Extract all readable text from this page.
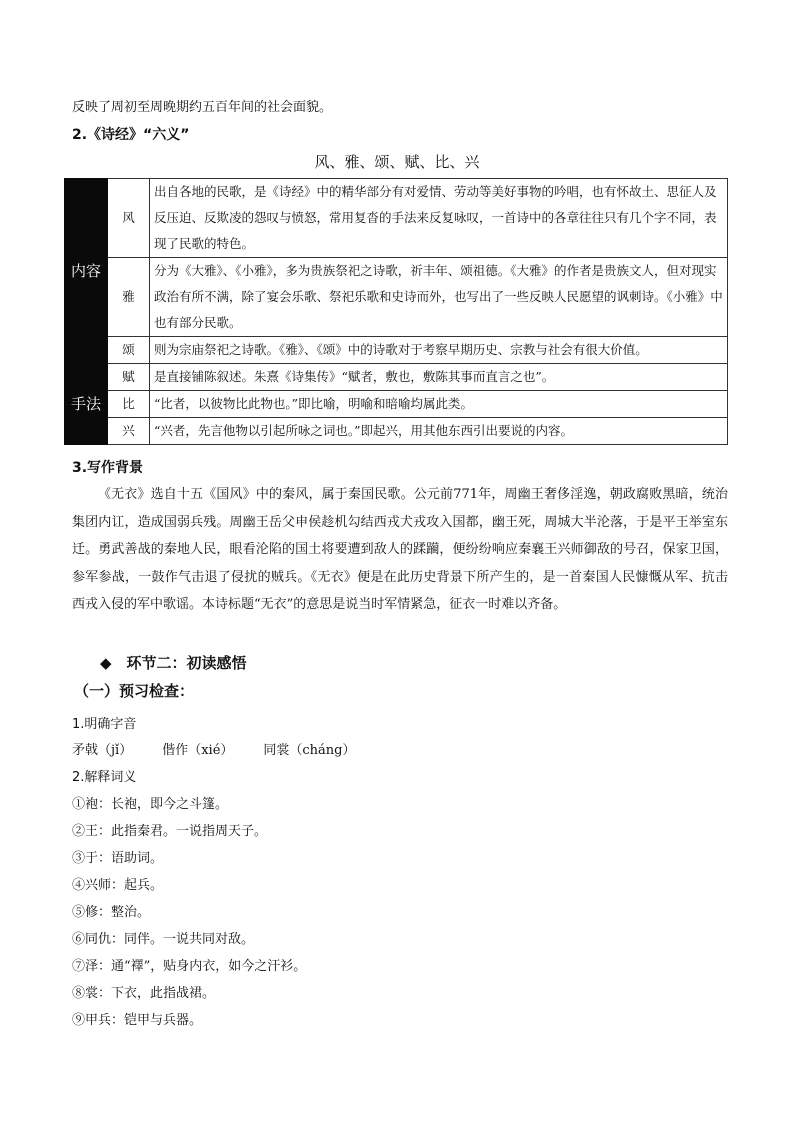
反映了周初至周晚期约五百年间的社会面貌。
2.《诗经》“六义”
风、雅、颂、赋、比、兴
内容	风	出自各地的民歌，是《诗经》中的精华部分有对爱情、劳动等美好事物的吟唱，也有怀故土、思征人及反压迫、反欺凌的怨叹与愤怒，常用复沓的手法来反复咏叹，一首诗中的各章往往只有几个字不同，表现了民歌的特色。
	雅	分为《大雅》、《小雅》，多为贵族祭祀之诗歌，祈丰年、颂祖德。《大雅》的作者是贵族文人，但对现实政治有所不满，除了宴会乐歌、祭祀乐歌和史诗而外，也写出了一些反映人民愿望的讽刺诗。《小雅》中也有部分民歌。
	颂	则为宗庙祭祀之诗歌。《雅》、《颂》中的诗歌对于考察早期历史、宗教与社会有很大价值。
手法	赋	是直接铺陈叙述。朱熹《诗集传》“赋者，敷也，敷陈其事而直言之也”。
	比	“比者，以彼物比此物也。”即比喻，明喻和暗喻均属此类。
	兴	“兴者，先言他物以引起所咏之词也。”即起兴，用其他东西引出要说的内容。
3.写作背景
《无衣》选自十五《国风》中的秦风，属于秦国民歌。公元前771年，周幽王奢侈淫逸，朝政腐败黑暗，统治集团内讧，造成国弱兵残。周幽王岳父申侯趁机勾结西戎犬戎攻入国都，幽王死，周城大半沦落，于是平王举室东迁。勇武善战的秦地人民，眼看沦陷的国土将要遭到敌人的蹂躏，便纷纷响应秦襄王兴师御敌的号召，保家卫国，参军参战，一鼓作气击退了侵扰的贼兵。《无衣》便是在此历史背景下所产生的，是一首秦国人民慷慨从军、抗击西戎入侵的军中歌谣。本诗标题“无衣”的意思是说当时军情紧急，征衣一时难以齐备。
◆　环节二：初读感悟
（一）预习检查：
1.明确字音
矛戟（jǐ） 偕作（xié） 同裳（cháng）
2.解释词义
①袍：长袍，即今之斗篷。
②王：此指秦君。一说指周天子。
③于：语助词。
④兴师：起兵。
⑤修：整治。
⑥同仇：同伴。一说共同对敌。
⑦泽：通“襗”，贴身内衣，如今之汗衫。
⑧裳：下衣，此指战裙。
⑨甲兵：铠甲与兵器。
